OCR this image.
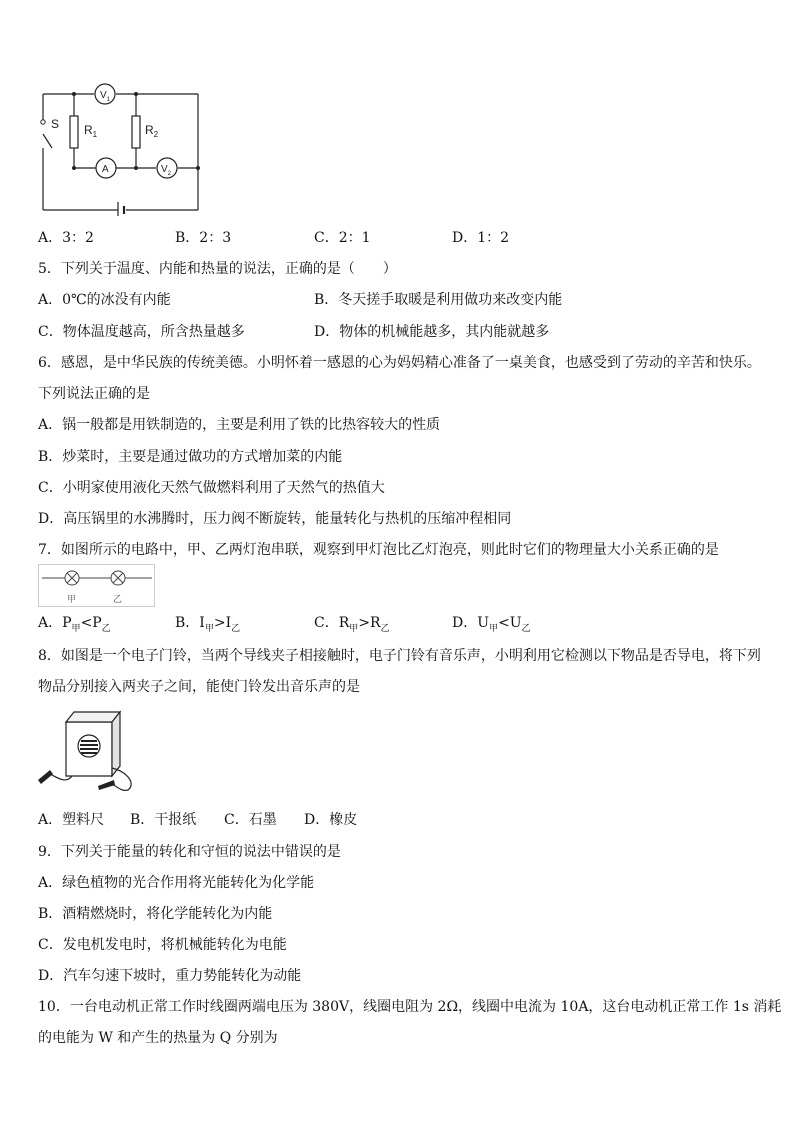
S $R_1$	$R_2$
$V_1$
A	$V_2$
A．3：2	B．2：3	C．2：1	D．1：2
5．下列关于温度、内能和热量的说法，正确的是（　　）
A．0℃的冰没有内能	B．冬天搓手取暖是利用做功来改变内能
C．物体温度越高，所含热量越多	D．物体的机械能越多，其内能就越多
6．感恩，是中华民族的传统美德。小明怀着一感恩的心为妈妈精心准备了一桌美食，也感受到了劳动的辛苦和快乐。
下列说法正确的是
A．锅一般都是用铁制造的，主要是利用了铁的比热容较大的性质
B．炒菜时，主要是通过做功的方式增加菜的内能
C．小明家使用液化天然气做燃料利用了天然气的热值大
D．高压锅里的水沸腾时，压力阀不断旋转，能量转化与热机的压缩冲程相同
7．如图所示的电路中，甲、乙两灯泡串联，观察到甲灯泡比乙灯泡亮，则此时它们的物理量大小关系正确的是
甲	乙
A．$P_甲<P_乙$	B．$I_甲>I_乙$	C．$R_甲>R_乙$	D．$U_甲<U_乙$
8．如图是一个电子门铃，当两个导线夹子相接触时，电子门铃有音乐声，小明利用它检测以下物品是否导电，将下列
物品分别接入两夹子之间，能使门铃发出音乐声的是
A．塑料尺 B．干报纸 C．石墨 D．橡皮
9．下列关于能量的转化和守恒的说法中错误的是
A．绿色植物的光合作用将光能转化为化学能
B．酒精燃烧时，将化学能转化为内能
C．发电机发电时，将机械能转化为电能
D．汽车匀速下坡时，重力势能转化为动能
10．一台电动机正常工作时线圈两端电压为 380V，线圈电阻为 2Ω，线圈中电流为 10A，这台电动机正常工作 1s 消耗
的电能为 W 和产生的热量为 Q 分别为
